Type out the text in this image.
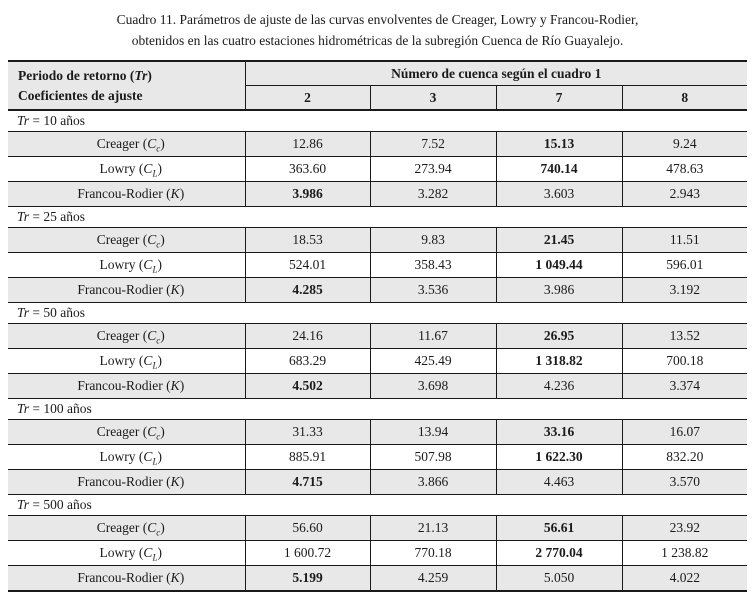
Cuadro 11. Parámetros de ajuste de las curvas envolventes de Creager, Lowry y Francou-Rodier,
obtenidos en las cuatro estaciones hidrométricas de la subregión Cuenca de Río Guayalejo.
Periodo de retorno (Tr)
Coeficientes de ajuste	Número de cuenca según el cuadro 1			
	2	3	7	8
Tr = 10 años				
Creager $(C_c)$	12.86	7.52	15.13	9.24
Lowry $(C_L)$	363.60	273.94	740.14	478.63
Francou-Rodier (K)	3.986	3.282	3.603	2.943
Tr = 25 años				
Creager $(C_c)$	18.53	9.83	21.45	11.51
Lowry $(C_L)$	524.01	358.43	1 049.44	596.01
Francou-Rodier (K)	4.285	3.536	3.986	3.192
Tr = 50 años				
Creager $(C_c)$	24.16	11.67	26.95	13.52
Lowry $(C_L)$	683.29	425.49	1 318.82	700.18
Francou-Rodier (K)	4.502	3.698	4.236	3.374
Tr = 100 años				
Creager $(C_c)$	31.33	13.94	33.16	16.07
Lowry $(C_L)$	885.91	507.98	1 622.30	832.20
Francou-Rodier (K)	4.715	3.866	4.463	3.570
Tr = 500 años				
Creager $(C_c)$	56.60	21.13	56.61	23.92
Lowry $(C_L)$	1 600.72	770.18	2 770.04	1 238.82
Francou-Rodier (K)	5.199	4.259	5.050	4.022
